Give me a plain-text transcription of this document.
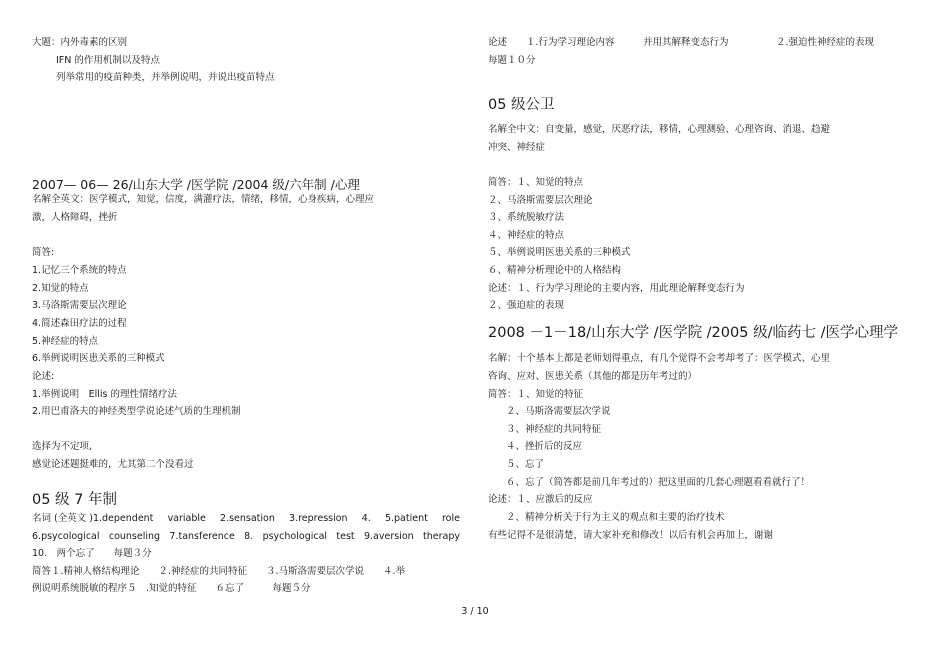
大题：内外毒素的区别
IFN 的作用机制以及特点
列举常用的疫苗种类，并举例说明，并说出疫苗特点
2007— 06— 26/山东大学 /医学院 /2004 级/六年制 /心理
名解全英文：医学模式，知觉，信度，满灌疗法，情绪，移情，心身疾病，心理应
激，人格障碍，挫折
简答:
1.记忆三个系统的特点
2.知觉的特点
3.马洛斯需要层次理论
4.简述森田疗法的过程
5.神经症的特点
6.举例说明医患关系的三种模式
论述:
1.举例说明　Ellis 的理性情绪疗法
2.用巴甫洛夫的神经类型学说论述气质的生理机制
选择为不定项,
感觉论述题挺难的，尤其第二个没看过
05 级 7 年制
名词 (全英文 )1.dependent variable 2.sensation 3.repression 4. 5.patient role
6.psycological counseling 7.tansference 8. psychological test 9.aversion therapy
10.　两个忘了　　每题３分
简答１.精神人格结构理论　　２.神经症的共同特征　　３.马斯洛需要层次学说　　４.举
例说明系统脱敏的程序５　.知觉的特征　　６忘了　　　每题５分
论述　　１.行为学习理论内容　　　并用其解释变态行为　　　　　２.强迫性神经症的表现
每题１０分
05 级公卫
名解全中文：自变量，感觉，厌恶疗法，移情，心理测验、心理咨询、消退、趋避
冲突、神经症
简答：１、知觉的特点
２、马洛斯需要层次理论
３、系统脱敏疗法
４、神经症的特点
５、举例说明医患关系的三种模式
６、精神分析理论中的人格结构
论述：１、行为学习理论的主要内容，用此理论解释变态行为
２、强迫症的表现
2008 －1－18/山东大学 /医学院 /2005 级/临药七 /医学心理学
名解：十个基本上都是老师划得重点，有几个觉得不会考却考了：医学模式、心里
咨询、应对、医患关系（其他的都是历年考过的）
简答：１、知觉的特征
２、马斯洛需要层次学说
３、神经症的共同特征
４、挫折后的反应
５、忘了
６、忘了（简答都是前几年考过的）把这里面的几套心理题看看就行了！
论述：１、应激后的反应
２、精神分析关于行为主义的观点和主要的治疗技术
有些记得不是很清楚，请大家补充和修改！以后有机会再加上，谢谢
3 / 10
